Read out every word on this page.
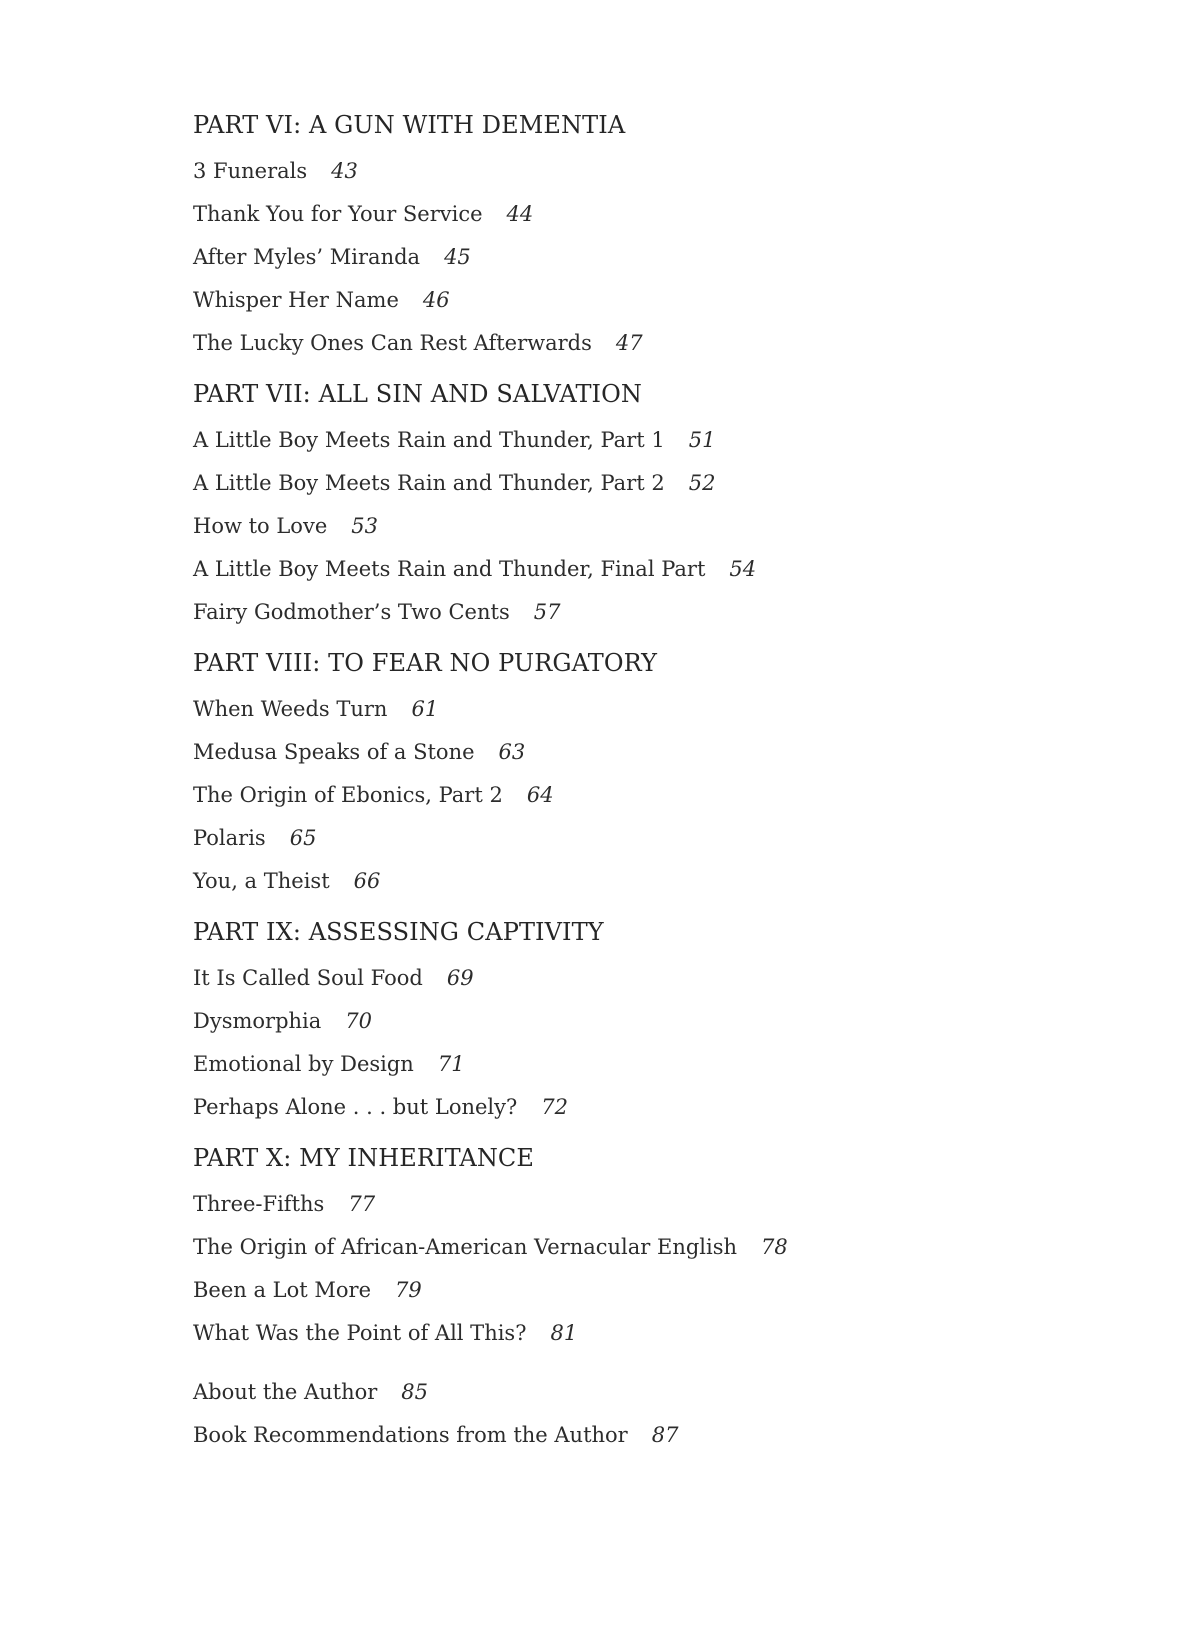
PART VI: A GUN WITH DEMENTIA
3 Funerals 43
Thank You for Your Service 44
After Myles’ Miranda 45
Whisper Her Name 46
The Lucky Ones Can Rest Afterwards 47
PART VII: ALL SIN AND SALVATION
A Little Boy Meets Rain and Thunder, Part 1 51
A Little Boy Meets Rain and Thunder, Part 2 52
How to Love 53
A Little Boy Meets Rain and Thunder, Final Part 54
Fairy Godmother’s Two Cents 57
PART VIII: TO FEAR NO PURGATORY
When Weeds Turn 61
Medusa Speaks of a Stone 63
The Origin of Ebonics, Part 2 64
Polaris 65
You, a Theist 66
PART IX: ASSESSING CAPTIVITY
It Is Called Soul Food 69
Dysmorphia 70
Emotional by Design 71
Perhaps Alone . . . but Lonely? 72
PART X: MY INHERITANCE
Three-Fifths 77
The Origin of African-American Vernacular English 78
Been a Lot More 79
What Was the Point of All This? 81
About the Author 85
Book Recommendations from the Author 87
